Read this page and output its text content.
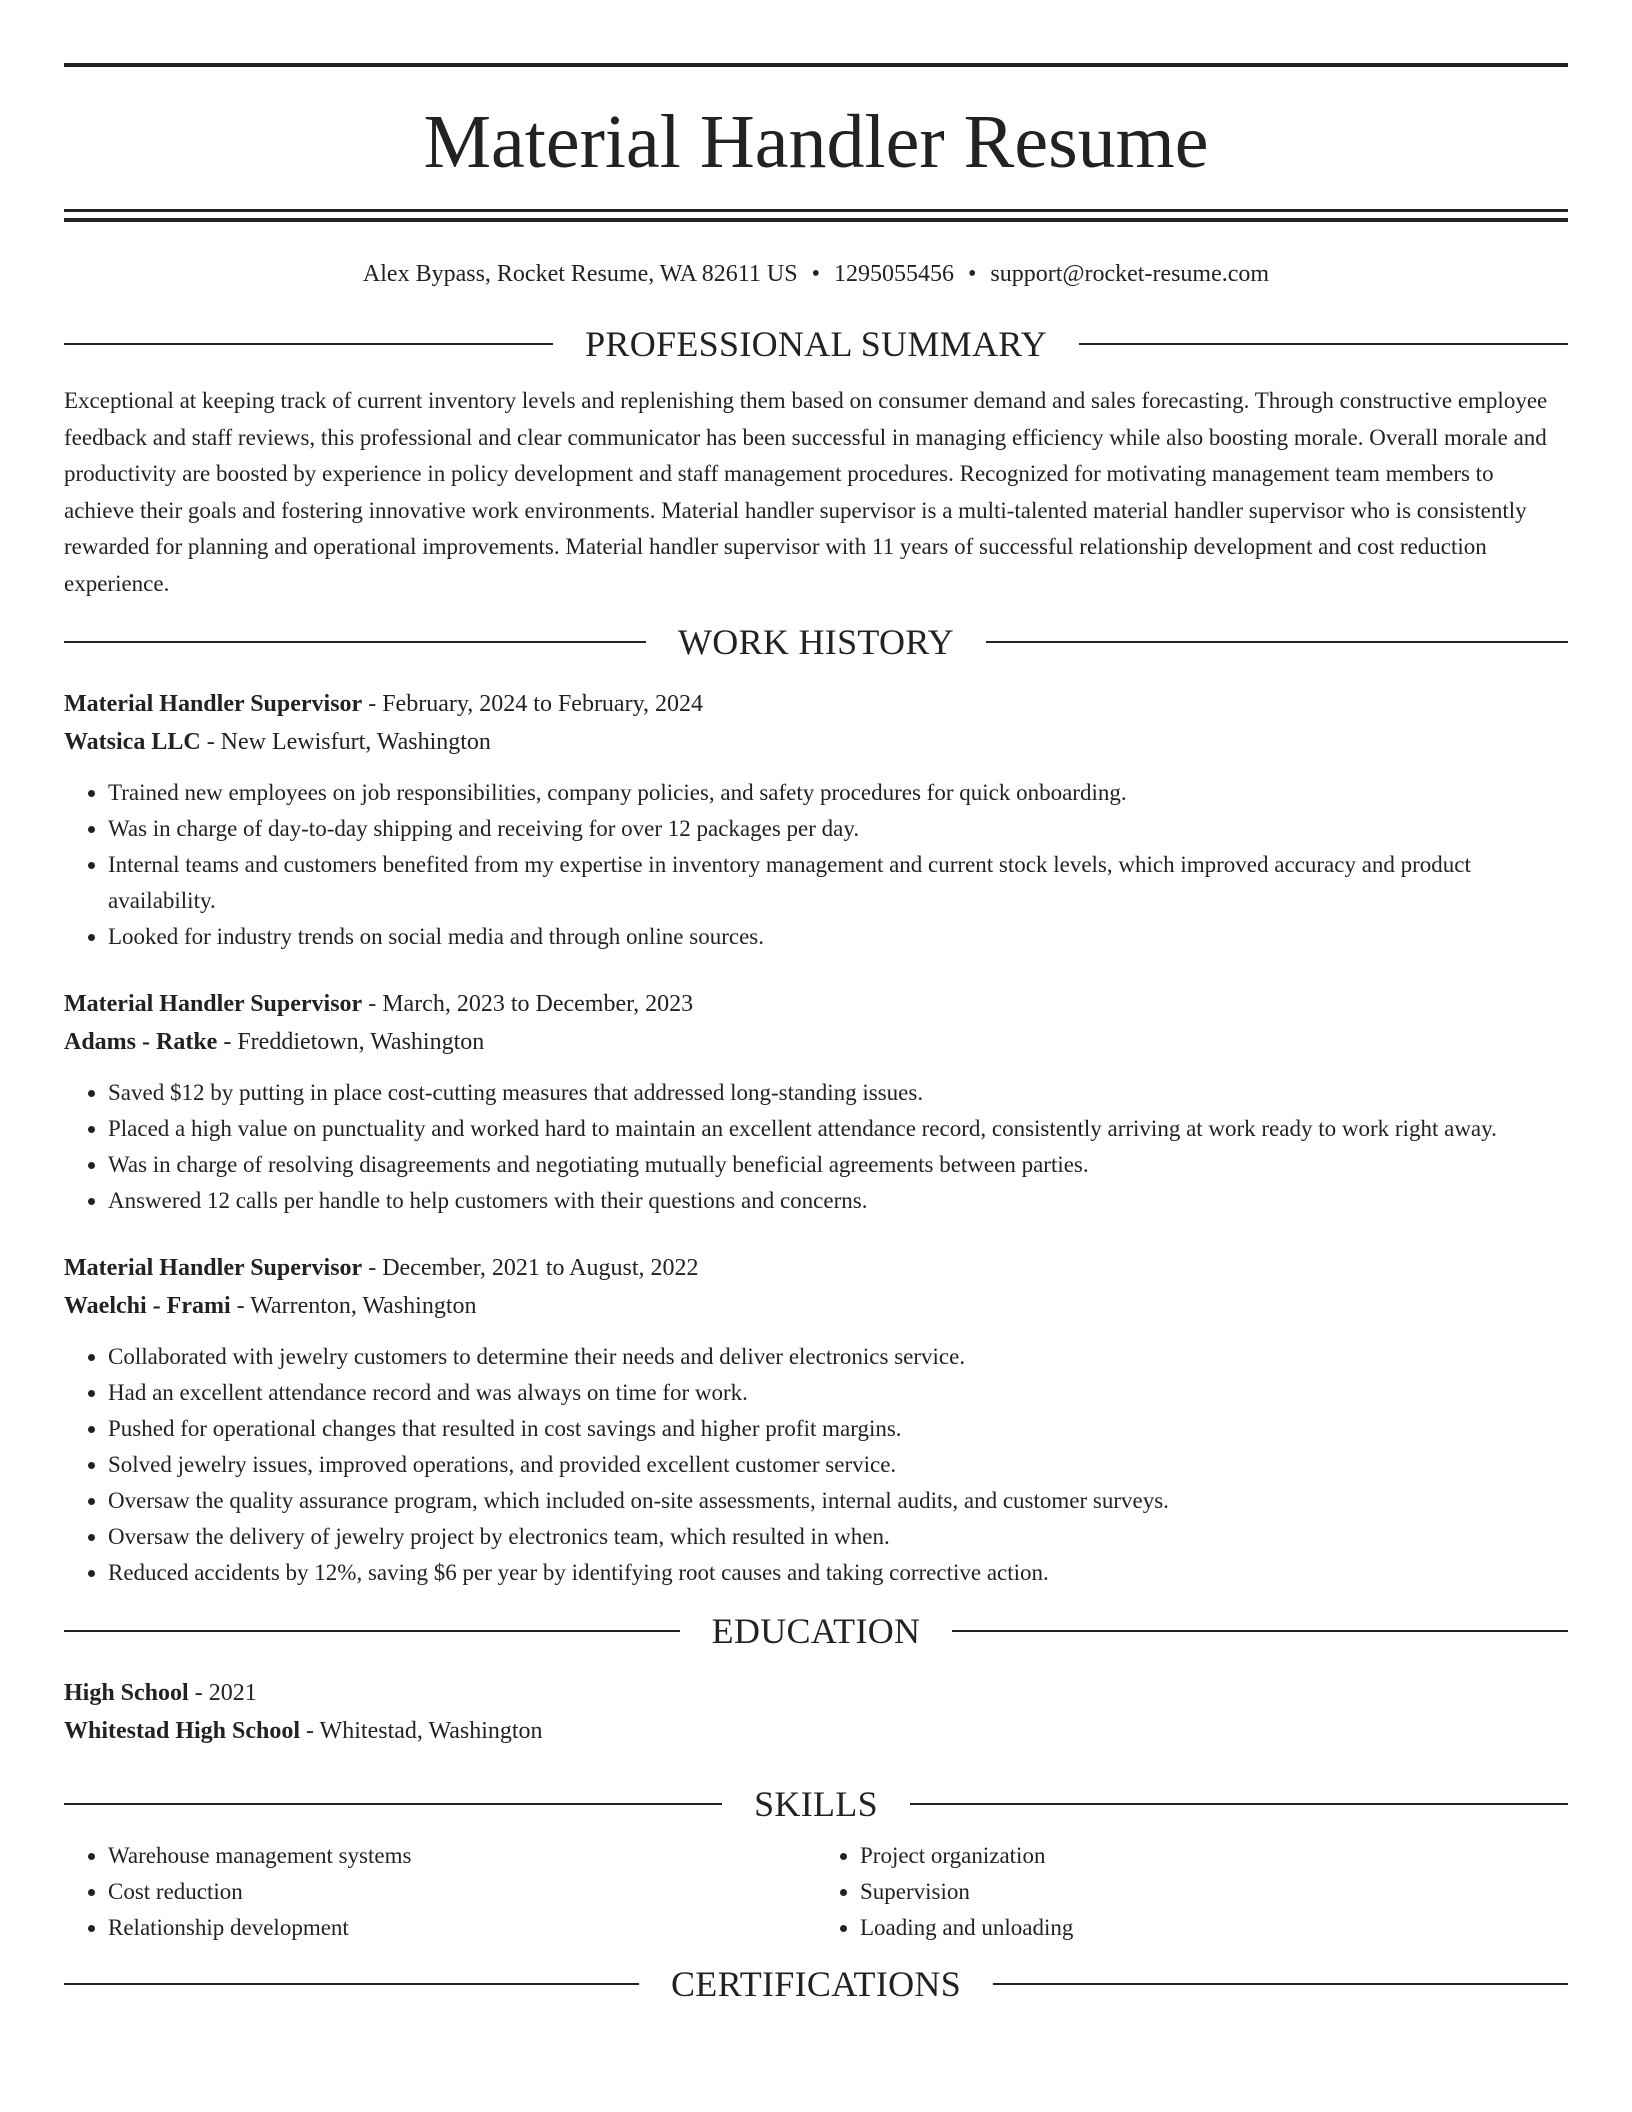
Material Handler Resume
Alex Bypass, Rocket Resume, WA 82611 US • 1295055456 • support@rocket-resume.com
PROFESSIONAL SUMMARY

Exceptional at keeping track of current inventory levels and replenishing them based on consumer demand and sales forecasting. Through constructive employee feedback and staff reviews, this professional and clear communicator has been successful in managing efficiency while also boosting morale. Overall morale and productivity are boosted by experience in policy development and staff management procedures. Recognized for motivating management team members to achieve their goals and fostering innovative work environments. Material handler supervisor is a multi-talented material handler supervisor who is consistently rewarded for planning and operational improvements. Material handler supervisor with 11 years of successful relationship development and cost reduction experience.

WORK HISTORY
Material Handler Supervisor - February, 2024 to February, 2024
Watsica LLC - New Lewisfurt, Washington
• Trained new employees on job responsibilities, company policies, and safety procedures for quick onboarding.
• Was in charge of day-to-day shipping and receiving for over 12 packages per day.
• Internal teams and customers benefited from my expertise in inventory management and current stock levels, which improved accuracy and product availability.
• Looked for industry trends on social media and through online sources.
Material Handler Supervisor - March, 2023 to December, 2023
Adams - Ratke - Freddietown, Washington
• Saved $12 by putting in place cost-cutting measures that addressed long-standing issues.
• Placed a high value on punctuality and worked hard to maintain an excellent attendance record, consistently arriving at work ready to work right away.
• Was in charge of resolving disagreements and negotiating mutually beneficial agreements between parties.
• Answered 12 calls per handle to help customers with their questions and concerns.
Material Handler Supervisor - December, 2021 to August, 2022
Waelchi - Frami - Warrenton, Washington
• Collaborated with jewelry customers to determine their needs and deliver electronics service.
• Had an excellent attendance record and was always on time for work.
• Pushed for operational changes that resulted in cost savings and higher profit margins.
• Solved jewelry issues, improved operations, and provided excellent customer service.
• Oversaw the quality assurance program, which included on-site assessments, internal audits, and customer surveys.
• Oversaw the delivery of jewelry project by electronics team, which resulted in when.
• Reduced accidents by 12%, saving $6 per year by identifying root causes and taking corrective action.
EDUCATION
High School - 2021
Whitestad High School - Whitestad, Washington
SKILLS
• Warehouse management systems
• Cost reduction
• Relationship development
• Project organization
• Supervision
• Loading and unloading
CERTIFICATIONS
